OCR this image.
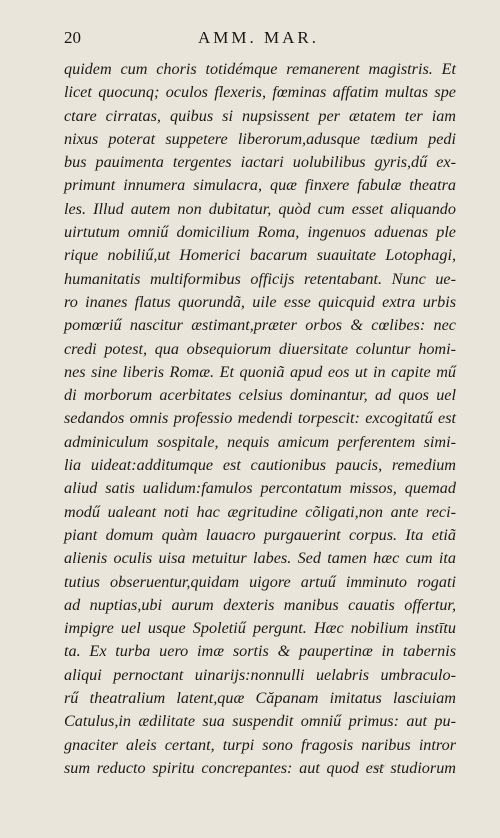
20	AMM. MAR.
quidem cum choris totidémque remanerent magistris. Et
licet quocunq; oculos flexeris, fœminas affatim multas spe
ctare cirratas, quibus si nupsissent per ætatem ter iam
nixus poterat suppetere liberorum,adusque tædium pedi
bus pauimenta tergentes iactari uolubilibus gyris,dű ex-
primunt innumera simulacra, quæ finxere fabulæ theatra
les. Illud autem non dubitatur, quòd cum esset aliquando
uirtutum omniű domicilium Roma, ingenuos aduenas ple
rique nobiliű,ut Homerici bacarum suauitate Lotophagi,
humanitatis multiformibus officijs retentabant. Nunc ue-
ro inanes flatus quorundã, uile esse quicquid extra urbis
pomœriű nascitur æstimant,præter orbos & cœlibes: nec
credi potest, qua obsequiorum diuersitate coluntur homi-
nes sine liberis Romæ. Et quoniã apud eos ut in capite mű
di morborum acerbitates celsius dominantur, ad quos uel
sedandos omnis professio medendi torpescit: excogitatű est
adminiculum sospitale, nequis amicum perferentem simi-
lia uideat:additumque est cautionibus paucis, remedium
aliud satis ualidum:famulos percontatum missos, quemad
modű ualeant noti hac ægritudine cõligati,non ante reci-
piant domum quàm lauacro purgauerint corpus. Ita etiã
alienis oculis uisa metuitur labes. Sed tamen hæc cum ita
tutius obseruentur,quidam uigore artuű imminuto rogati
ad nuptias,ubi aurum dexteris manibus cauatis offertur,
impigre uel usque Spoletiű pergunt. Hæc nobilium instītu
ta. Ex turba uero imæ sortis & paupertinæ in tabernis
aliqui pernoctant uinarijs:nonnulli uelabris umbraculo-
rű theatralium latent,quæ Căpanam imitatus lasciuiam
Catulus,in ædilitate sua suspendit omniű primus: aut pu-
gnaciter aleis certant, turpi sono fragosis naribus intror
sum reducto spiritu concrepantes: aut quod est studiorum
